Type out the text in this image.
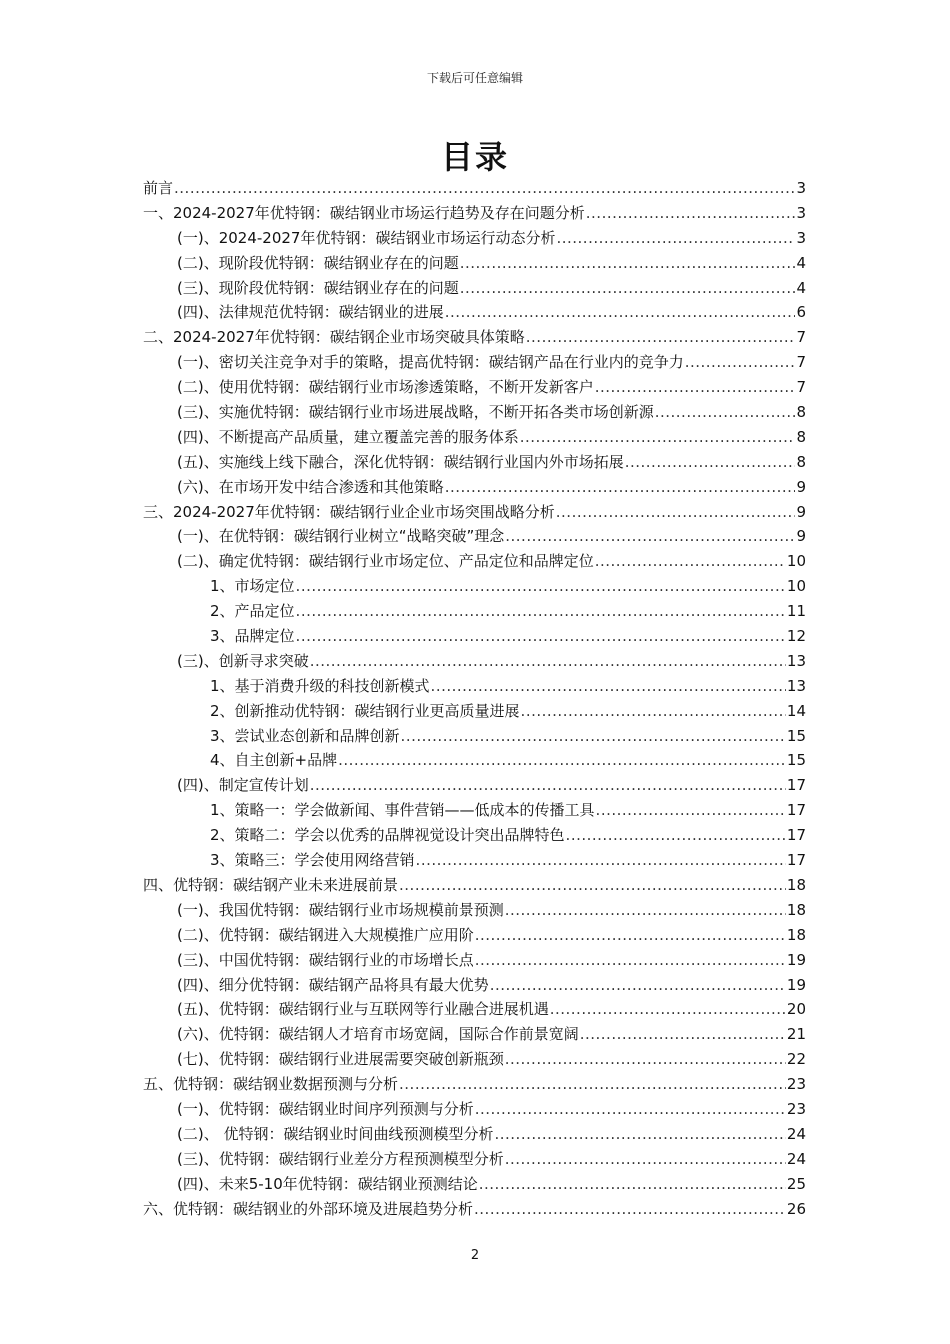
下载后可任意编辑
目录
前言 .....	3
一、2024-2027年优特钢：碳结钢业市场运行趋势及存在问题分析 .....	3
(一)、2024-2027年优特钢：碳结钢业市场运行动态分析 .....	3
(二)、现阶段优特钢：碳结钢业存在的问题 .....	4
(三)、现阶段优特钢：碳结钢业存在的问题 .....	4
(四)、法律规范优特钢：碳结钢业的进展 .....	6
二、2024-2027年优特钢：碳结钢企业市场突破具体策略 .....	7
(一)、密切关注竞争对手的策略，提高优特钢：碳结钢产品在行业内的竞争力 .....	7
(二)、使用优特钢：碳结钢行业市场渗透策略，不断开发新客户 .....	7
(三)、实施优特钢：碳结钢行业市场进展战略，不断开拓各类市场创新源 .....	8
(四)、不断提高产品质量，建立覆盖完善的服务体系 .....	8
(五)、实施线上线下融合，深化优特钢：碳结钢行业国内外市场拓展 .....	8
(六)、在市场开发中结合渗透和其他策略 .....	9
三、2024-2027年优特钢：碳结钢行业企业市场突围战略分析 .....	9
(一)、在优特钢：碳结钢行业树立“战略突破”理念 .....	9
(二)、确定优特钢：碳结钢行业市场定位、产品定位和品牌定位 .....	10
1、市场定位 .....	10
2、产品定位 .....	11
3、品牌定位 .....	12
(三)、创新寻求突破 .....	13
1、基于消费升级的科技创新模式 .....	13
2、创新推动优特钢：碳结钢行业更高质量进展 .....	14
3、尝试业态创新和品牌创新 .....	15
4、自主创新+品牌 .....	15
(四)、制定宣传计划 .....	17
1、策略一：学会做新闻、事件营销——低成本的传播工具 .....	17
2、策略二：学会以优秀的品牌视觉设计突出品牌特色 .....	17
3、策略三：学会使用网络营销 .....	17
四、优特钢：碳结钢产业未来进展前景 .....	18
(一)、我国优特钢：碳结钢行业市场规模前景预测 .....	18
(二)、优特钢：碳结钢进入大规模推广应用阶 .....	18
(三)、中国优特钢：碳结钢行业的市场增长点 .....	19
(四)、细分优特钢：碳结钢产品将具有最大优势 .....	19
(五)、优特钢：碳结钢行业与互联网等行业融合进展机遇 .....	20
(六)、优特钢：碳结钢人才培育市场宽阔，国际合作前景宽阔 .....	21
(七)、优特钢：碳结钢行业进展需要突破创新瓶颈 .....	22
五、优特钢：碳结钢业数据预测与分析 .....	23
(一)、优特钢：碳结钢业时间序列预测与分析 .....	23
(二)、 优特钢：碳结钢业时间曲线预测模型分析 .....	24
(三)、优特钢：碳结钢行业差分方程预测模型分析 .....	24
(四)、未来5-10年优特钢：碳结钢业预测结论 .....	25
六、优特钢：碳结钢业的外部环境及进展趋势分析 .....	26
2
